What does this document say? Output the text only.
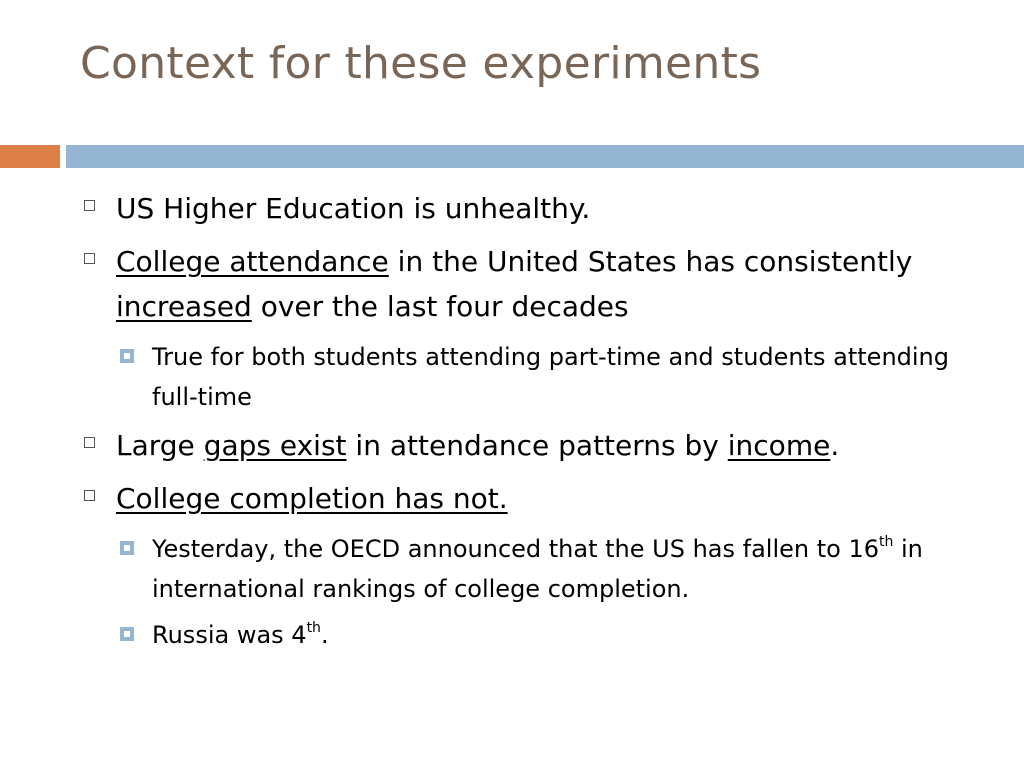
Context for these experiments
US Higher Education is unhealthy.
College attendance in the United States has consistently increased over the last four decades
True for both students attending part-time and students attending full-time
Large gaps exist in attendance patterns by income.
College completion has not.
Yesterday, the OECD announced that the US has fallen to 16th in international rankings of college completion.
Russia was 4th.
